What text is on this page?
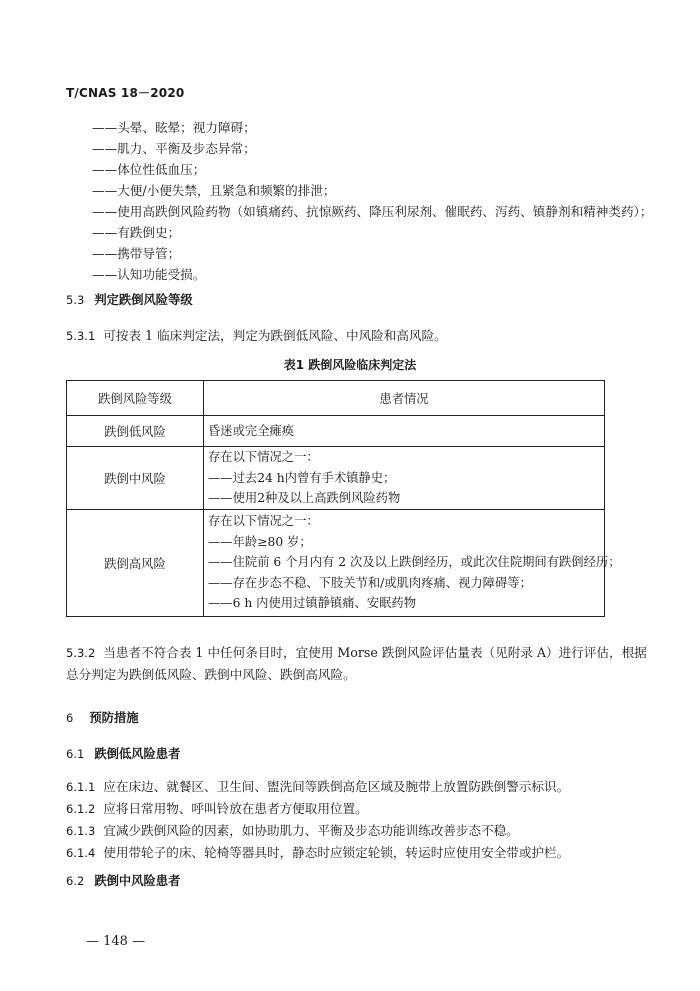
T/CNAS 18－2020
——头晕、眩晕；视力障碍；
——肌力、平衡及步态异常；
——体位性低血压；
——大便/小便失禁，且紧急和频繁的排泄；
——使用高跌倒风险药物（如镇痛药、抗惊厥药、降压利尿剂、催眠药、泻药、镇静剂和精神类药）；
——有跌倒史；
——携带导管；
——认知功能受损。
5.3 判定跌倒风险等级
5.3.1 可按表 1 临床判定法，判定为跌倒低风险、中风险和高风险。
表1 跌倒风险临床判定法
跌倒风险等级	患者情况
跌倒低风险	昏迷或完全瘫痪

跌倒中风险	存在以下情况之一：
——过去24 h内曾有手术镇静史；
——使用2种及以上高跌倒风险药物

跌倒高风险	存在以下情况之一：
——年龄≥80 岁；
——住院前 6 个月内有 2 次及以上跌倒经历，或此次住院期间有跌倒经历；
——存在步态不稳、下肢关节和/或肌肉疼痛、视力障碍等；
——6 h 内使用过镇静镇痛、安眠药物
5.3.2 当患者不符合表 1 中任何条目时，宜使用 Morse 跌倒风险评估量表（见附录 A）进行评估，根据
总分判定为跌倒低风险、跌倒中风险、跌倒高风险。
6 预防措施
6.1 跌倒低风险患者
6.1.1 应在床边、就餐区、卫生间、盥洗间等跌倒高危区域及腕带上放置防跌倒警示标识。
6.1.2 应将日常用物、呼叫铃放在患者方便取用位置。
6.1.3 宜减少跌倒风险的因素，如协助肌力、平衡及步态功能训练改善步态不稳。
6.1.4 使用带轮子的床、轮椅等器具时，静态时应锁定轮锁，转运时应使用安全带或护栏。
6.2 跌倒中风险患者
— 148 —
